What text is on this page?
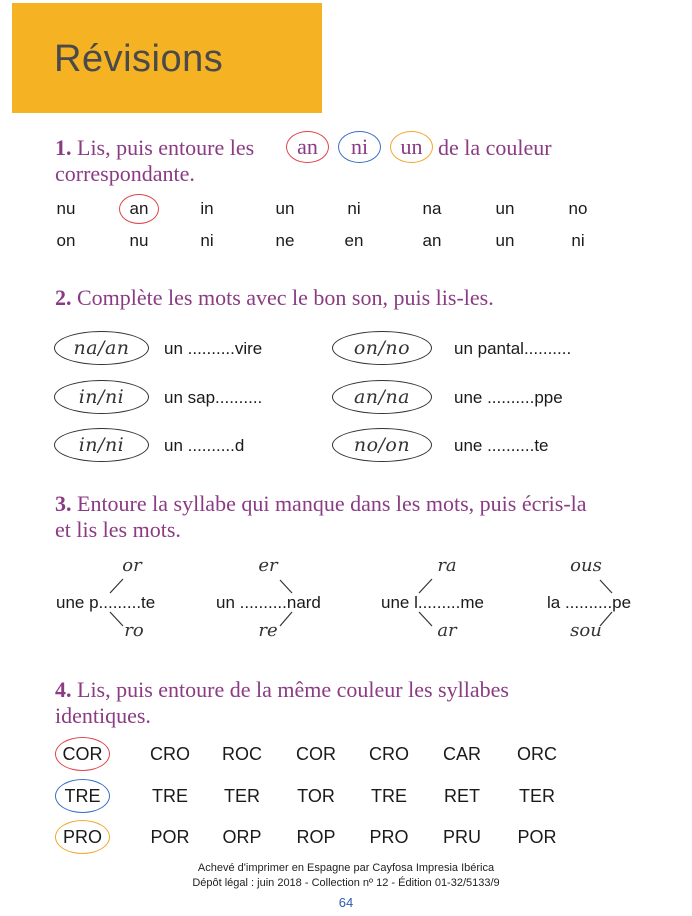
Révisions
1. Lis, puis entoure les an ni un de la couleur
correspondante.
nu	an	in	un	ni	na	un	no
on	nu	ni	ne	en	an	un	ni
2. Complète les mots avec le bon son, puis lis-les.
na/an un ..........vire	on/no	un pantal..........
in/ni un sap..........	an/na	une ..........ppe
in/ni un ..........d	no/on	une ..........te
3. Entoure la syllabe qui manque dans les mots, puis écris-la
et lis les mots.
or
une p.........te
ro
er
un ..........nard
re
ra
une l.........me
ar
ous
la ..........pe
sou
4. Lis, puis entoure de la même couleur les syllabes
identiques.
COR	CRO ROC COR CRO CAR ORC
TRE	TRE TER TOR TRE RET TER
PRO	POR ORP ROP PRO PRU POR
Achevé d'imprimer en Espagne par Cayfosa Impresia Ibérica
Dépôt légal : juin 2018 - Collection nº 12 - Édition 01-32/5133/9
64
